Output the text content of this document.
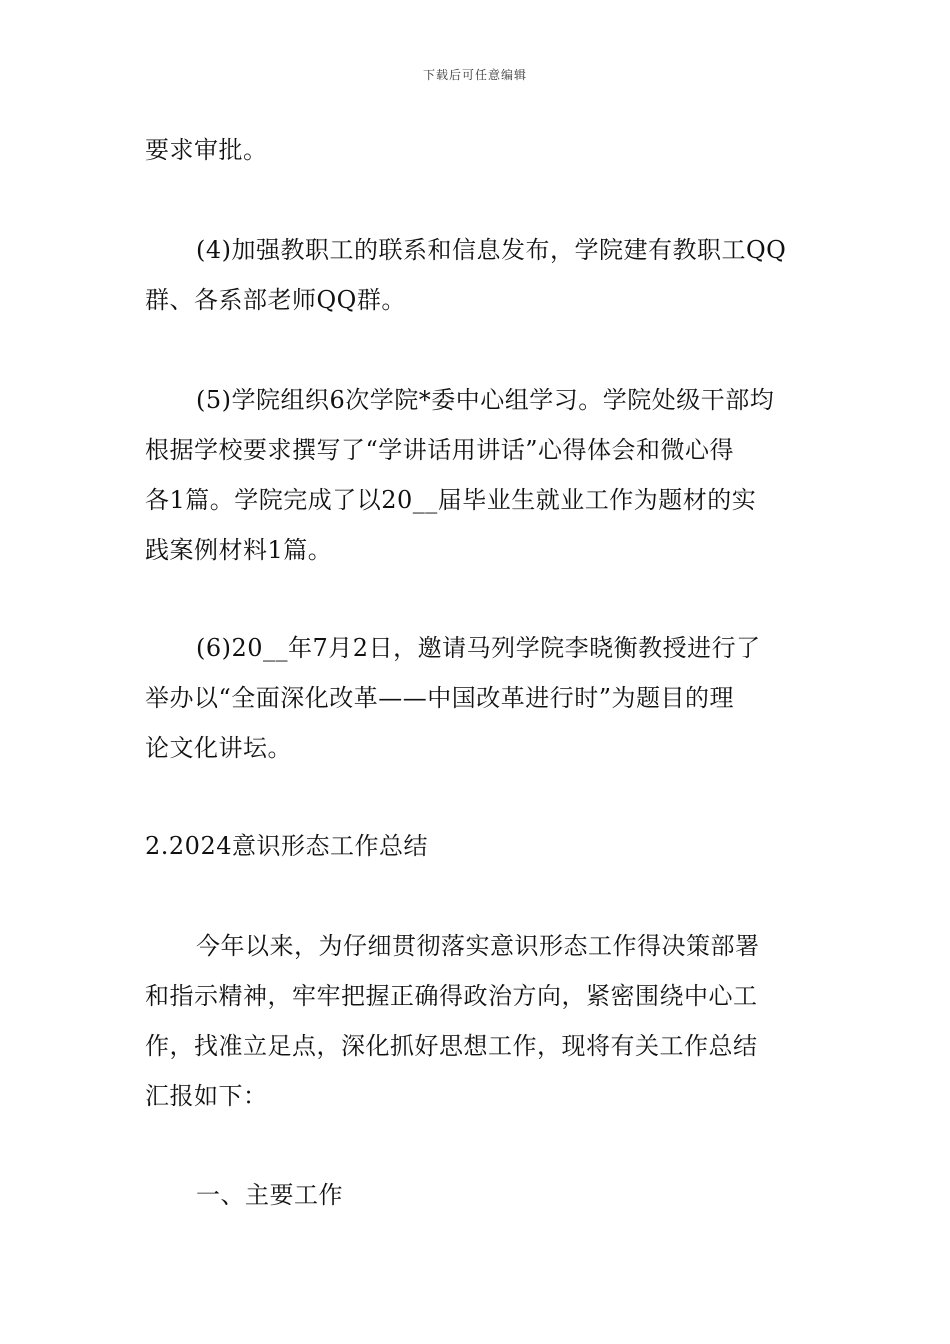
下载后可任意编辑
要求审批。
(4)加强教职工的联系和信息发布，学院建有教职工QQ
群、各系部老师QQ群。
(5)学院组织6次学院*委中心组学习。学院处级干部均
根据学校要求撰写了“学讲话用讲话”心得体会和微心得
各1篇。学院完成了以20__届毕业生就业工作为题材的实
践案例材料1篇。
(6)20__年7月2日，邀请马列学院李晓衡教授进行了
举办以“全面深化改革——中国改革进行时”为题目的理
论文化讲坛。
2.2024意识形态工作总结
今年以来，为仔细贯彻落实意识形态工作得决策部署
和指示精神，牢牢把握正确得政治方向，紧密围绕中心工
作，找准立足点，深化抓好思想工作，现将有关工作总结
汇报如下：
一、主要工作
